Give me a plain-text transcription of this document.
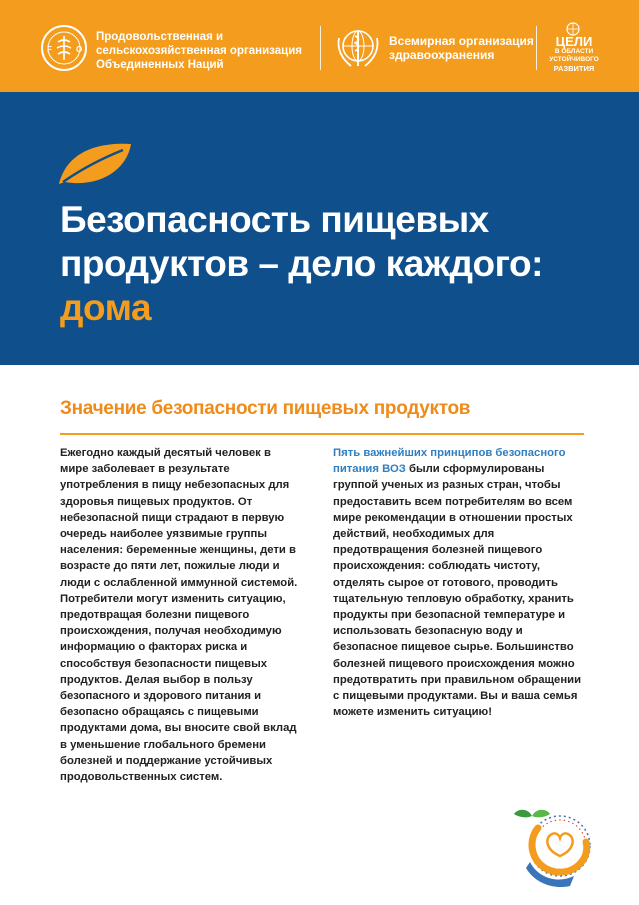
F	O
Продовольственная и
сельскохозяйственная организация
Объединенных Наций
Всемирная организация
здравоохранения
ЦЕЛИ
В ОБЛАСТИ
УСТОЙЧИВОГО
РАЗВИТИЯ
Безопасность пищевых
продуктов – дело каждого:
дома
Значение безопасности пищевых продуктов

Ежегодно каждый десятый человек в мире заболевает в результате употребления в пищу небезопасных для здоровья пищевых продуктов. От небезопасной пищи страдают в первую очередь наиболее уязвимые группы населения: беременные женщины, дети в возрасте до пяти лет, пожилые люди и люди с ослабленной иммунной системой. Потребители могут изменить ситуацию, предотвращая болезни пищевого происхождения, получая необходимую информацию о факторах риска и способствуя безопасности пищевых продуктов. Делая выбор в пользу безопасного и здорового питания и безопасно обращаясь с пищевыми продуктами дома, вы вносите свой вклад в уменьшение глобального бремени болезней и поддержание устойчивых продовольственных систем.

Пять важнейших принципов безопасного питания ВОЗ были сформулированы группой ученых из разных стран, чтобы предоставить всем потребителям во всем мире рекомендации в отношении простых действий, необходимых для предотвращения болезней пищевого происхождения: соблюдать чистоту, отделять сырое от готового, проводить тщательную тепловую обработку, хранить продукты при безопасной температуре и использовать безопасную воду и безопасное пищевое сырье. Большинство болезней пищевого происхождения можно предотвратить при правильном обращении с пищевыми продуктами. Вы и ваша семья можете изменить ситуацию!
